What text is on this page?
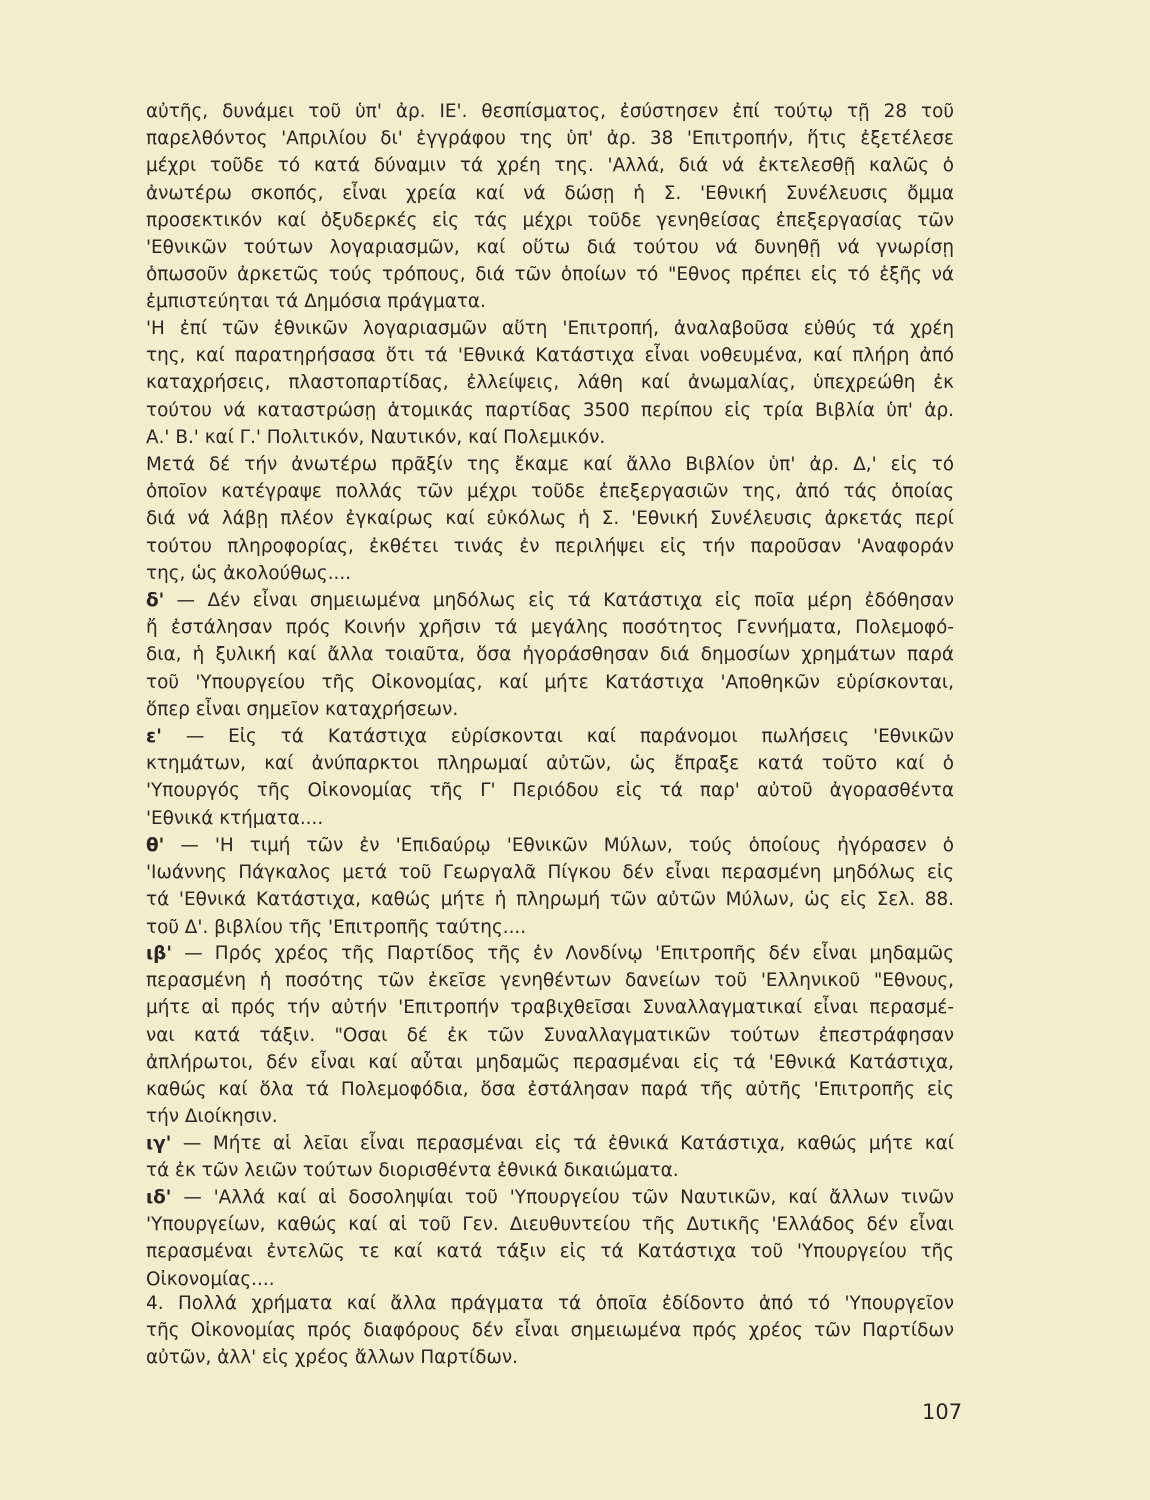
αὐτῆς, δυνάμει τοῦ ὑπ' ἀρ. ΙΕ'. θεσπίσματος, ἐσύστησεν ἐπί τούτῳ τῇ 28 τοῦ
παρελθόντος 'Απριλίου δι' ἐγγράφου της ὑπ' ἀρ. 38 'Επιτροπήν, ἥτις ἐξετέλεσε
μέχρι τοῦδε τό κατά δύναμιν τά χρέη της. 'Αλλά, διά νά ἐκτελεσθῇ καλῶς ὁ
ἀνωτέρω σκοπός, εἶναι χρεία καί νά δώσῃ ἡ Σ. 'Εθνική Συνέλευσις ὄμμα
προσεκτικόν καί ὀξυδερκές εἰς τάς μέχρι τοῦδε γενηθείσας ἐπεξεργασίας τῶν
'Εθνικῶν τούτων λογαριασμῶν, καί οὕτω διά τούτου νά δυνηθῇ νά γνωρίσῃ
ὁπωσοῦν ἀρκετῶς τούς τρόπους, διά τῶν ὁποίων τό "Εθνος πρέπει εἰς τό ἑξῆς νά
ἐμπιστεύηται τά Δημόσια πράγματα.
'Η ἐπί τῶν ἐθνικῶν λογαριασμῶν αὕτη 'Επιτροπή, ἀναλαβοῦσα εὐθύς τά χρέη
της, καί παρατηρήσασα ὅτι τά 'Εθνικά Κατάστιχα εἶναι νοθευμένα, καί πλήρη ἀπό
καταχρήσεις, πλαστοπαρτίδας, ἐλλείψεις, λάθη καί ἀνωμαλίας, ὑπεχρεώθη ἐκ
τούτου νά καταστρώσῃ ἀτομικάς παρτίδας 3500 περίπου εἰς τρία Βιβλία ὑπ' ἀρ.
Α.' Β.' καί Γ.' Πολιτικόν, Ναυτικόν, καί Πολεμικόν.
Μετά δέ τήν ἀνωτέρω πρᾶξίν της ἔκαμε καί ἄλλο Βιβλίον ὑπ' ἀρ. Δ,' εἰς τό
ὁποῖον κατέγραψε πολλάς τῶν μέχρι τοῦδε ἐπεξεργασιῶν της, ἀπό τάς ὁποίας
διά νά λάβῃ πλέον ἐγκαίρως καί εὐκόλως ἡ Σ. 'Εθνική Συνέλευσις ἀρκετάς περί
τούτου πληροφορίας, ἐκθέτει τινάς ἐν περιλήψει εἰς τήν παροῦσαν 'Αναφοράν
της, ὡς ἀκολούθως....
δ' — Δέν εἶναι σημειωμένα μηδόλως εἰς τά Κατάστιχα εἰς ποῖα μέρη ἐδόθησαν
ἤ ἐστάλησαν πρός Κοινήν χρῆσιν τά μεγάλης ποσότητος Γεννήματα, Πολεμοφό-
δια, ἡ ξυλική καί ἄλλα τοιαῦτα, ὅσα ἠγοράσθησαν διά δημοσίων χρημάτων παρά
τοῦ 'Υπουργείου τῆς Οἰκονομίας, καί μήτε Κατάστιχα 'Αποθηκῶν εὑρίσκονται,
ὅπερ εἶναι σημεῖον καταχρήσεων.
ε' — Εἰς τά Κατάστιχα εὑρίσκονται καί παράνομοι πωλήσεις 'Εθνικῶν
κτημάτων, καί ἀνύπαρκτοι πληρωμαί αὐτῶν, ὡς ἔπραξε κατά τοῦτο καί ὁ
'Υπουργός τῆς Οἰκονομίας τῆς Γ' Περιόδου εἰς τά παρ' αὐτοῦ ἀγορασθέντα
'Εθνικά κτήματα....
θ' — 'Η τιμή τῶν ἐν 'Επιδαύρῳ 'Εθνικῶν Μύλων, τούς ὁποίους ἠγόρασεν ὁ
'Ιωάννης Πάγκαλος μετά τοῦ Γεωργαλᾶ Πίγκου δέν εἶναι περασμένη μηδόλως εἰς
τά 'Εθνικά Κατάστιχα, καθώς μήτε ἡ πληρωμή τῶν αὐτῶν Μύλων, ὡς εἰς Σελ. 88.
τοῦ Δ'. βιβλίου τῆς 'Επιτροπῆς ταύτης....
ιβ' — Πρός χρέος τῆς Παρτίδος τῆς ἐν Λονδίνῳ 'Επιτροπῆς δέν εἶναι μηδαμῶς
περασμένη ἡ ποσότης τῶν ἐκεῖσε γενηθέντων δανείων τοῦ 'Ελληνικοῦ "Εθνους,
μήτε αἱ πρός τήν αὐτήν 'Επιτροπήν τραβιχθεῖσαι Συναλλαγματικαί εἶναι περασμέ-
ναι κατά τάξιν. "Οσαι δέ ἐκ τῶν Συναλλαγματικῶν τούτων ἐπεστράφησαν
ἀπλήρωτοι, δέν εἶναι καί αὗται μηδαμῶς περασμέναι εἰς τά 'Εθνικά Κατάστιχα,
καθώς καί ὅλα τά Πολεμοφόδια, ὅσα ἐστάλησαν παρά τῆς αὐτῆς 'Επιτροπῆς εἰς
τήν Διοίκησιν.
ιγ' — Μήτε αἱ λεῖαι εἶναι περασμέναι εἰς τά ἐθνικά Κατάστιχα, καθώς μήτε καί
τά ἐκ τῶν λειῶν τούτων διορισθέντα ἐθνικά δικαιώματα.
ιδ' — 'Αλλά καί αἱ δοσοληψίαι τοῦ 'Υπουργείου τῶν Ναυτικῶν, καί ἄλλων τινῶν
'Υπουργείων, καθώς καί αἱ τοῦ Γεν. Διευθυντείου τῆς Δυτικῆς 'Ελλάδος δέν εἶναι
περασμέναι ἐντελῶς τε καί κατά τάξιν εἰς τά Κατάστιχα τοῦ 'Υπουργείου τῆς
Οἰκονομίας....
4. Πολλά χρήματα καί ἄλλα πράγματα τά ὁποῖα ἐδίδοντο ἀπό τό 'Υπουργεῖον
τῆς Οἰκονομίας πρός διαφόρους δέν εἶναι σημειωμένα πρός χρέος τῶν Παρτίδων
αὐτῶν, ἀλλ' εἰς χρέος ἄλλων Παρτίδων.
107
